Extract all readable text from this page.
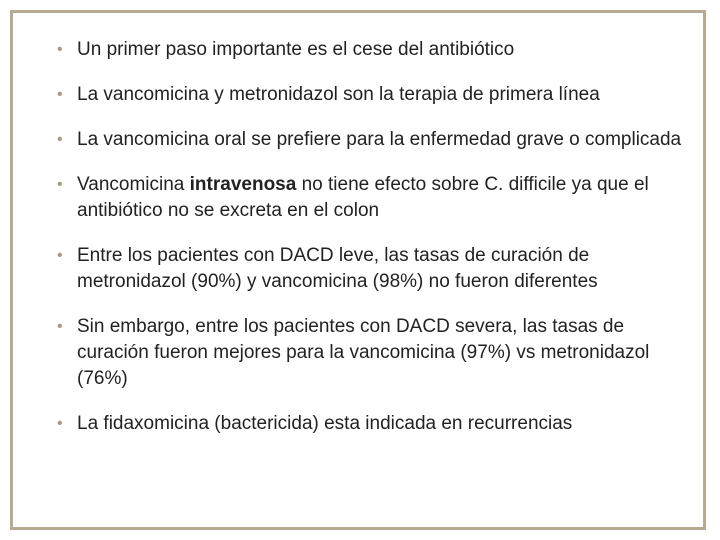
• Un primer paso importante es el cese del antibiótico
• La vancomicina y metronidazol son la terapia de primera línea
• La vancomicina oral se prefiere para la enfermedad grave o complicada
• Vancomicina intravenosa no tiene efecto sobre C. difficile ya que el antibiótico no se excreta en el colon
• Entre los pacientes con DACD leve, las tasas de curación de metronidazol (90%) y vancomicina (98%) no fueron diferentes
• Sin embargo, entre los pacientes con DACD severa, las tasas de curación fueron mejores para la vancomicina (97%) vs metronidazol (76%)
• La fidaxomicina (bactericida) esta indicada en recurrencias
